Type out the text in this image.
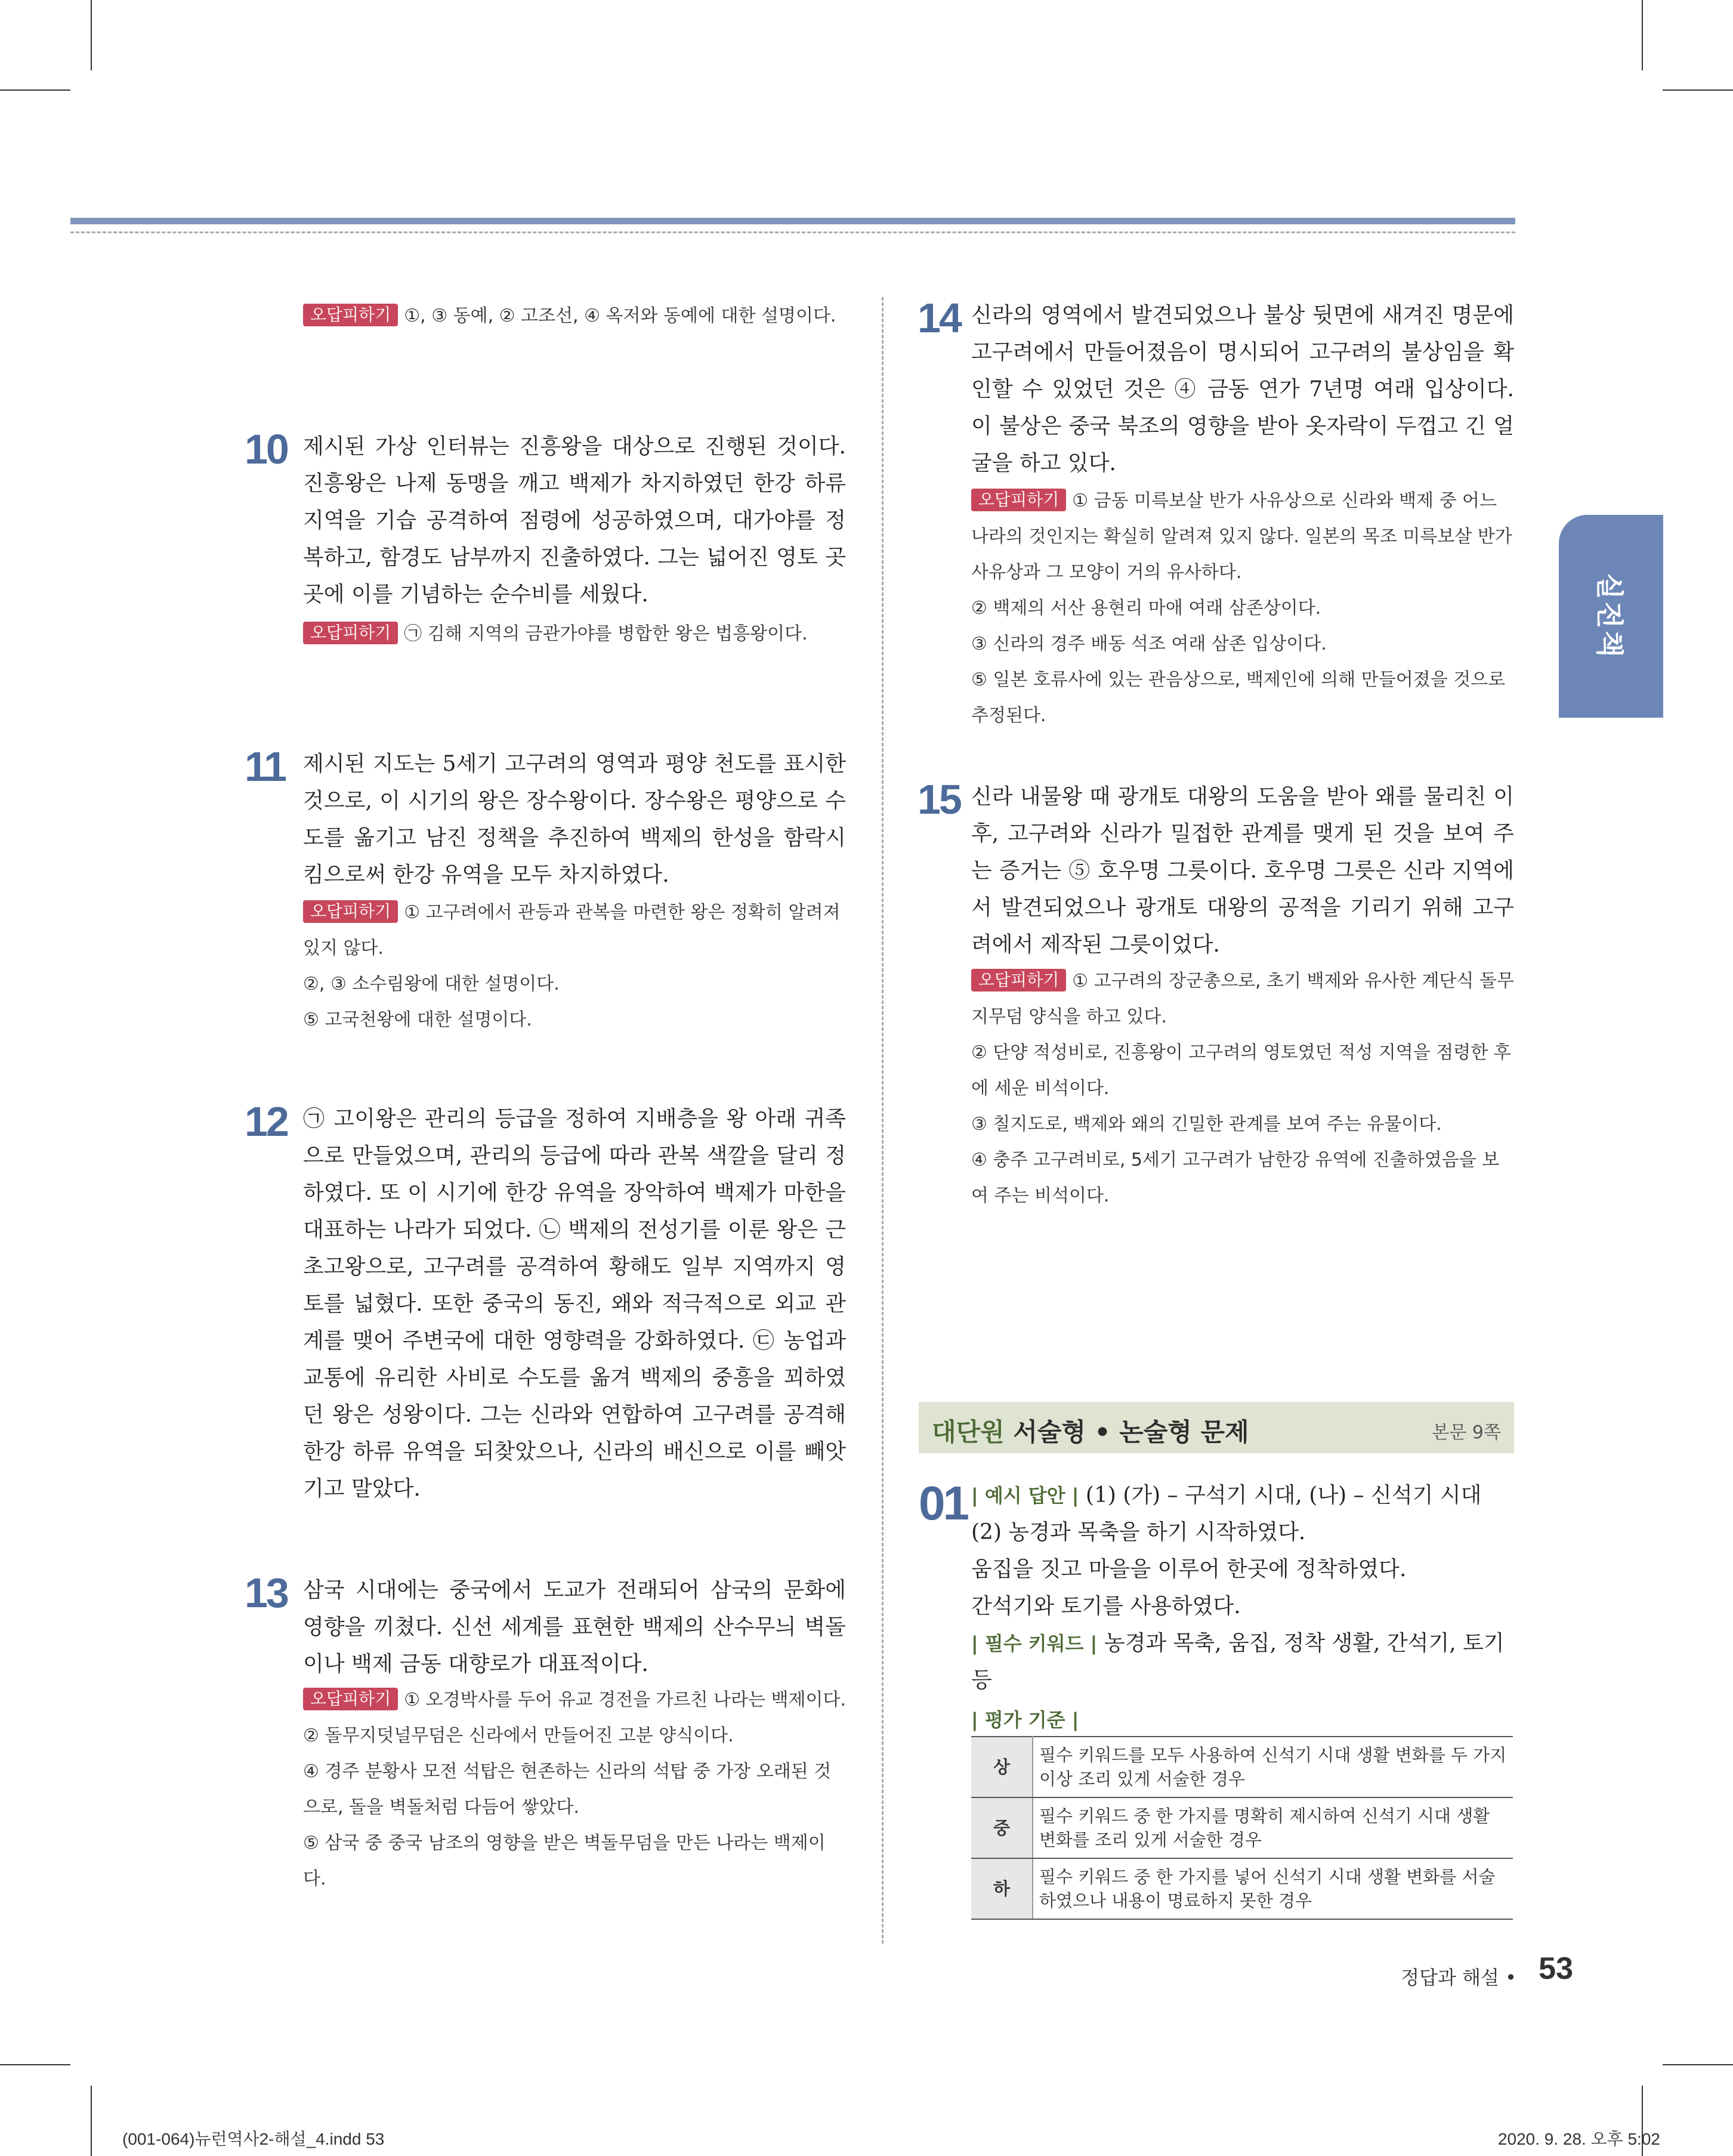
실전책

오답피하기 ①, ③ 동예, ② 고조선, ④ 옥저와 동예에 대한 설명이다.

10 제시된 가상 인터뷰는 진흥왕을 대상으로 진행된 것이다. 진흥왕은 나제 동맹을 깨고 백제가 차지하였던 한강 하류 지역을 기습 공격하여 점령에 성공하였으며, 대가야를 정복하고, 함경도 남부까지 진출하였다. 그는 넓어진 영토 곳곳에 이를 기념하는 순수비를 세웠다.

오답피하기 ㉠ 김해 지역의 금관가야를 병합한 왕은 법흥왕이다.

11 제시된 지도는 5세기 고구려의 영역과 평양 천도를 표시한 것으로, 이 시기의 왕은 장수왕이다. 장수왕은 평양으로 수도를 옮기고 남진 정책을 추진하여 백제의 한성을 함락시킴으로써 한강 유역을 모두 차지하였다.

오답피하기 ① 고구려에서 관등과 관복을 마련한 왕은 정확히 알려져 있지 않다.

②, ③ 소수림왕에 대한 설명이다.

⑤ 고국천왕에 대한 설명이다.

12 ㉠ 고이왕은 관리의 등급을 정하여 지배층을 왕 아래 귀족으로 만들었으며, 관리의 등급에 따라 관복 색깔을 달리 정하였다. 또 이 시기에 한강 유역을 장악하여 백제가 마한을 대표하는 나라가 되었다. ㉡ 백제의 전성기를 이룬 왕은 근초고왕으로, 고구려를 공격하여 황해도 일부 지역까지 영토를 넓혔다. 또한 중국의 동진, 왜와 적극적으로 외교 관계를 맺어 주변국에 대한 영향력을 강화하였다. ㉢ 농업과 교통에 유리한 사비로 수도를 옮겨 백제의 중흥을 꾀하였던 왕은 성왕이다. 그는 신라와 연합하여 고구려를 공격해 한강 하류 유역을 되찾았으나, 신라의 배신으로 이를 빼앗기고 말았다.

13 삼국 시대에는 중국에서 도교가 전래되어 삼국의 문화에 영향을 끼쳤다. 신선 세계를 표현한 백제의 산수무늬 벽돌이나 백제 금동 대향로가 대표적이다.

오답피하기 ① 오경박사를 두어 유교 경전을 가르친 나라는 백제이다.

② 돌무지덧널무덤은 신라에서 만들어진 고분 양식이다.

④ 경주 분황사 모전 석탑은 현존하는 신라의 석탑 중 가장 오래된 것으로, 돌을 벽돌처럼 다듬어 쌓았다.

⑤ 삼국 중 중국 남조의 영향을 받은 벽돌무덤을 만든 나라는 백제이다.

14 신라의 영역에서 발견되었으나 불상 뒷면에 새겨진 명문에 고구려에서 만들어졌음이 명시되어 고구려의 불상임을 확인할 수 있었던 것은 ④ 금동 연가 7년명 여래 입상이다. 이 불상은 중국 북조의 영향을 받아 옷자락이 두껍고 긴 얼굴을 하고 있다.

오답피하기 ① 금동 미륵보살 반가 사유상으로 신라와 백제 중 어느 나라의 것인지는 확실히 알려져 있지 않다. 일본의 목조 미륵보살 반가 사유상과 그 모양이 거의 유사하다.

② 백제의 서산 용현리 마애 여래 삼존상이다.

③ 신라의 경주 배동 석조 여래 삼존 입상이다.

⑤ 일본 호류사에 있는 관음상으로, 백제인에 의해 만들어졌을 것으로 추정된다.

15 신라 내물왕 때 광개토 대왕의 도움을 받아 왜를 물리친 이후, 고구려와 신라가 밀접한 관계를 맺게 된 것을 보여 주는 증거는 ⑤ 호우명 그릇이다. 호우명 그릇은 신라 지역에서 발견되었으나 광개토 대왕의 공적을 기리기 위해 고구려에서 제작된 그릇이었다.

오답피하기 ① 고구려의 장군총으로, 초기 백제와 유사한 계단식 돌무지무덤 양식을 하고 있다.

② 단양 적성비로, 진흥왕이 고구려의 영토였던 적성 지역을 점령한 후에 세운 비석이다.

③ 칠지도로, 백제와 왜의 긴밀한 관계를 보여 주는 유물이다.

④ 충주 고구려비로, 5세기 고구려가 남한강 유역에 진출하였음을 보여 주는 비석이다.

대단원 서술형 • 논술형 문제	본문 9쪽
01 | 예시 답안 | (1) (가) – 구석기 시대, (나) – 신석기 시대

(2) 농경과 목축을 하기 시작하였다.

움집을 짓고 마을을 이루어 한곳에 정착하였다.

간석기와 토기를 사용하였다.

| 필수 키워드 | 농경과 목축, 움집, 정착 생활, 간석기, 토기 등

| 평가 기준 |

상	필수 키워드를 모두 사용하여 신석기 시대 생활 변화를 두 가지 이상 조리 있게 서술한 경우
중	필수 키워드 중 한 가지를 명확히 제시하여 신석기 시대 생활 변화를 조리 있게 서술한 경우
하	필수 키워드 중 한 가지를 넣어 신석기 시대 생활 변화를 서술하였으나 내용이 명료하지 못한 경우
정답과 해설 • 53
(001-064)뉴런역사2-해설_4.indd 53	2020. 9. 28. 오후 5:02
